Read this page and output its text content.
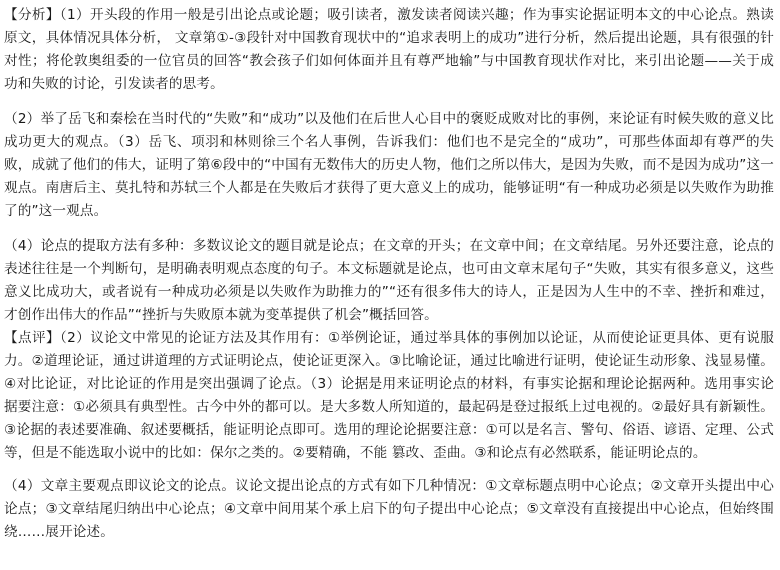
【分析】（1）开头段的作用一般是引出论点或论题；吸引读者，激发读者阅读兴趣；作为事实论据证明本文的中心论点。熟读原文，具体情况具体分析， 文章第①-③段针对中国教育现状中的“追求表明上的成功”进行分析，然后提出论题，具有很强的针对性；将伦敦奥组委的一位官员的回答“教会孩子们如何体面并且有尊严地输”与中国教育现状作对比，来引出论题——关于成功和失败的讨论，引发读者的思考。

（2）举了岳飞和秦桧在当时代的“失败”和“成功”以及他们在后世人心目中的褒贬成败对比的事例，来论证有时候失败的意义比成功更大的观点。（3）岳飞、项羽和林则徐三个名人事例，告诉我们：他们也不是完全的“成功”，可那些体面却有尊严的失败，成就了他们的伟大，证明了第⑥段中的“中国有无数伟大的历史人物，他们之所以伟大，是因为失败，而不是因为成功”这一观点。南唐后主、莫扎特和苏轼三个人都是在失败后才获得了更大意义上的成功，能够证明“有一种成功必须是以失败作为助推了的”这一观点。

（4）论点的提取方法有多种：多数议论文的题目就是论点；在文章的开头；在文章中间；在文章结尾。另外还要注意，论点的表述往往是一个判断句，是明确表明观点态度的句子。本文标题就是论点，也可由文章末尾句子“失败，其实有很多意义，这些意义比成功大，或者说有一种成功必须是以失败作为助推力的”“还有很多伟大的诗人，正是因为人生中的不幸、挫折和难过，才创作出伟大的作品”“挫折与失败原本就为变革提供了机会”概括回答。

【点评】（2）议论文中常见的论证方法及其作用有：①举例论证，通过举具体的事例加以论证，从而使论证更具体、更有说服力。②道理论证，通过讲道理的方式证明论点，使论证更深入。③比喻论证，通过比喻进行证明，使论证生动形象、浅显易懂。④对比论证，对比论证的作用是突出强调了论点。（3）论据是用来证明论点的材料，有事实论据和理论论据两种。选用事实论据要注意：①必须具有典型性。古今中外的都可以。是大多数人所知道的，最起码是登过报纸上过电视的。②最好具有新颖性。③论据的表述要准确、叙述要概括，能证明论点即可。选用的理论论据要注意：①可以是名言、警句、俗语、谚语、定理、公式等，但是不能选取小说中的比如：保尔之类的。②要精确，不能 篡改、歪曲。③和论点有必然联系，能证明论点的。

（4）文章主要观点即议论文的论点。议论文提出论点的方式有如下几种情况：①文章标题点明中心论点；②文章开头提出中心论点；③文章结尾归纳出中心论点；④文章中间用某个承上启下的句子提出中心论点；⑤文章没有直接提出中心论点，但始终围绕……展开论述。
